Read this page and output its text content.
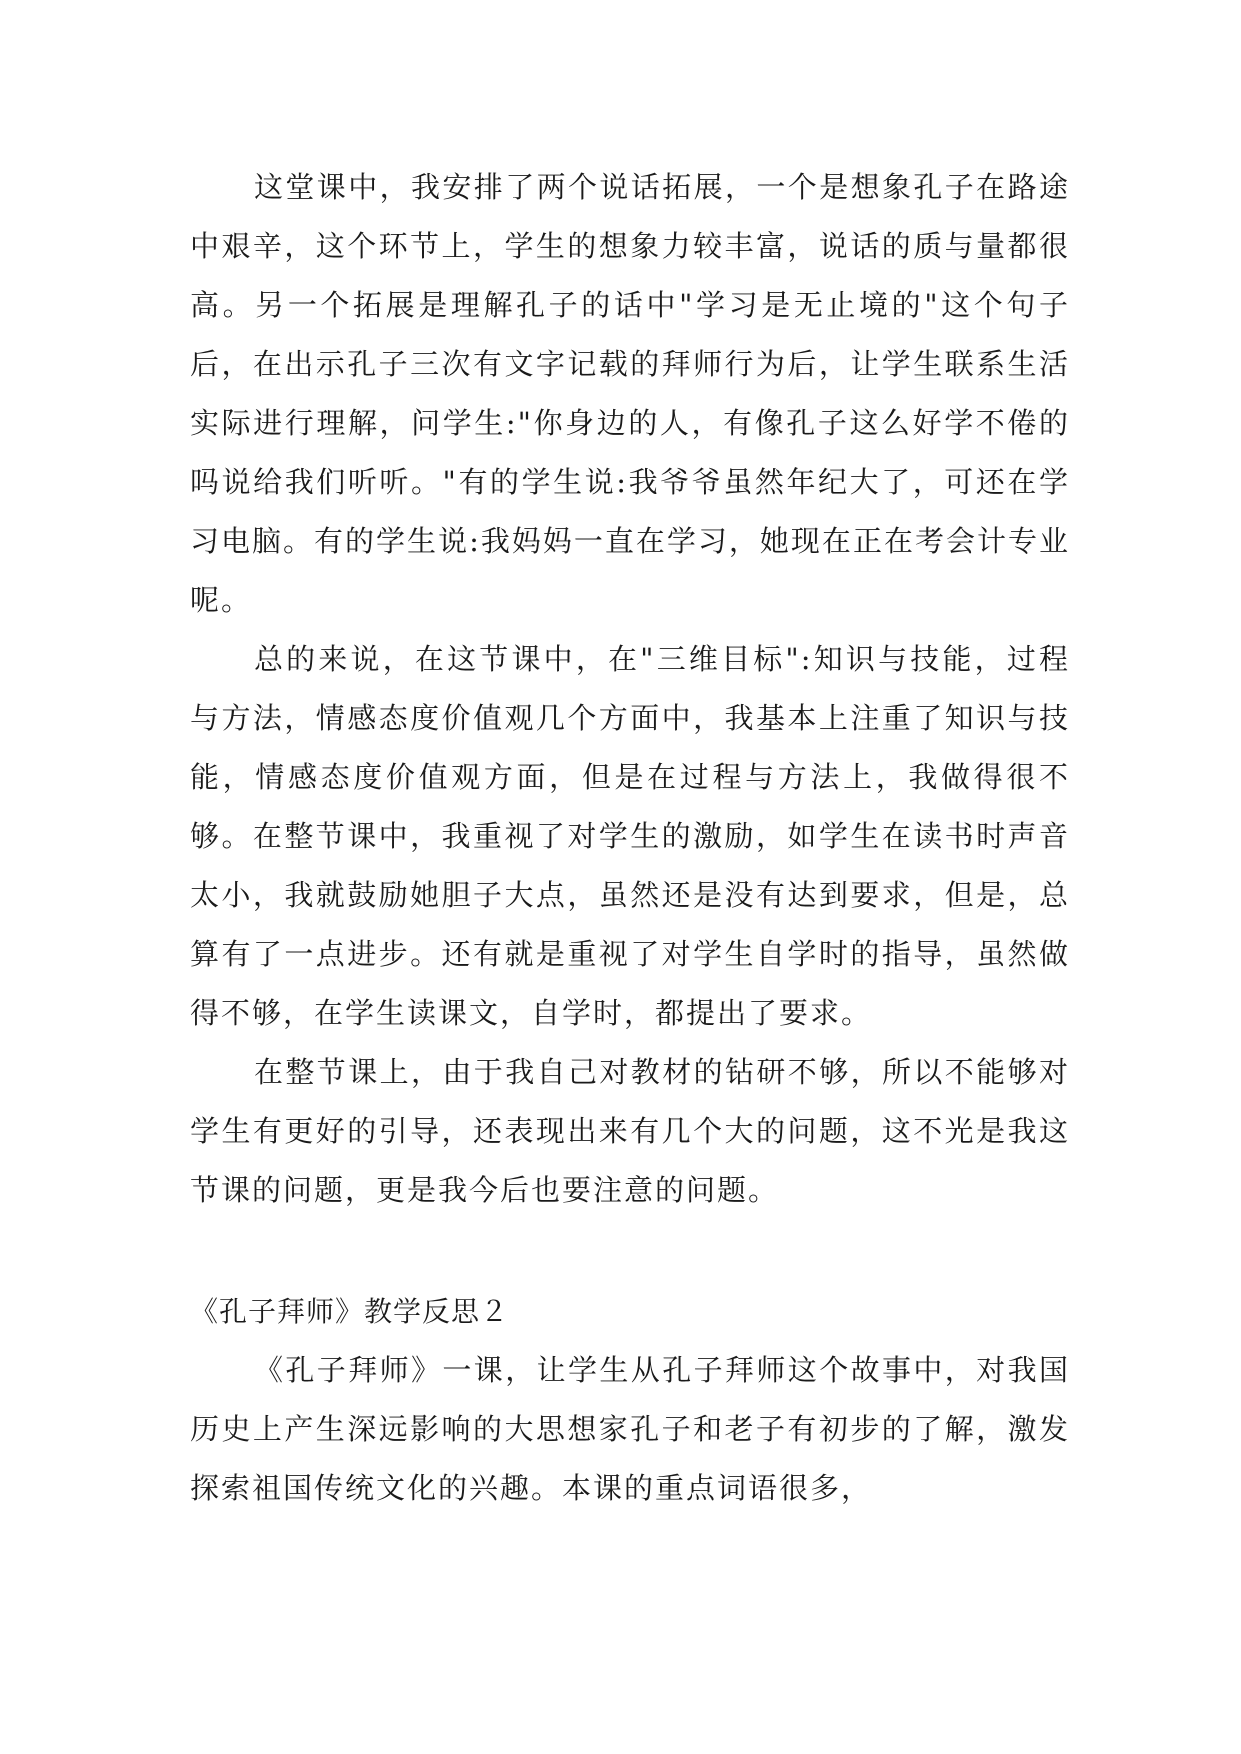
这堂课中，我安排了两个说话拓展，一个是想象孔子在路途中艰辛，这个环节上，学生的想象力较丰富，说话的质与量都很高。另一个拓展是理解孔子的话中"学习是无止境的"这个句子后，在出示孔子三次有文字记载的拜师行为后，让学生联系生活实际进行理解，问学生:"你身边的人，有像孔子这么好学不倦的吗说给我们听听。"有的学生说:我爷爷虽然年纪大了，可还在学习电脑。有的学生说:我妈妈一直在学习，她现在正在考会计专业呢。

总的来说，在这节课中，在"三维目标":知识与技能，过程与方法，情感态度价值观几个方面中，我基本上注重了知识与技能，情感态度价值观方面，但是在过程与方法上，我做得很不够。在整节课中，我重视了对学生的激励，如学生在读书时声音太小，我就鼓励她胆子大点，虽然还是没有达到要求，但是，总算有了一点进步。还有就是重视了对学生自学时的指导，虽然做得不够，在学生读课文，自学时，都提出了要求。

在整节课上，由于我自己对教材的钻研不够，所以不能够对学生有更好的引导，还表现出来有几个大的问题，这不光是我这节课的问题，更是我今后也要注意的问题。

《孔子拜师》教学反思２

《孔子拜师》一课，让学生从孔子拜师这个故事中，对我国历史上产生深远影响的大思想家孔子和老子有初步的了解，激发探索祖国传统文化的兴趣。本课的重点词语很多，
